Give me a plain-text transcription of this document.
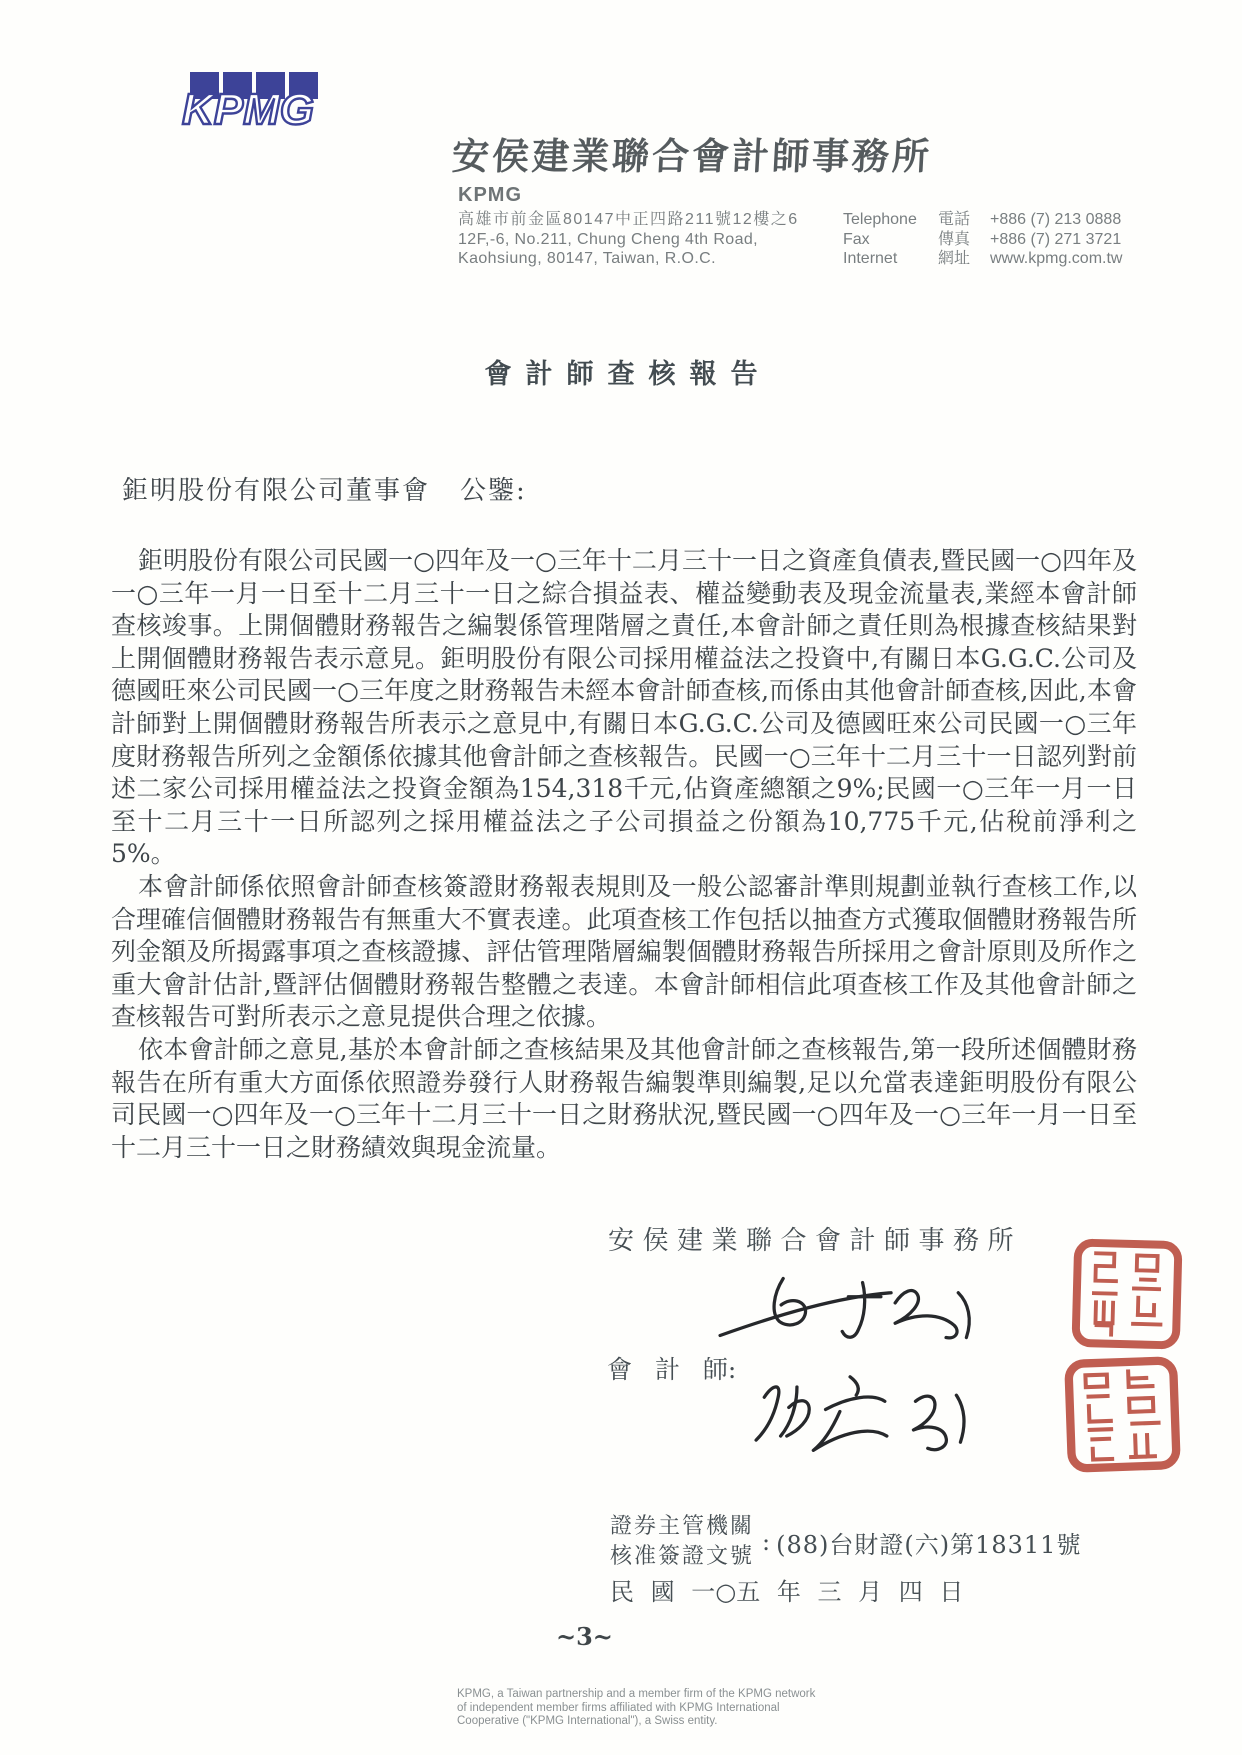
KPMG
安侯建業聯合會計師事務所
KPMG
高雄市前金區80147中正四路211號12樓之6
12F,-6, No.211, Chung Cheng 4th Road,
Kaohsiung, 80147, Taiwan, R.O.C.
Telephone	電話	+886 (7) 213 0888
Fax	傳真	+886 (7) 271 3721
Internet	網址	www.kpmg.com.tw
會計師查核報告
鉅明股份有限公司董事會 公鑒:

鉅明股份有限公司民國一○四年及一○三年十二月三十一日之資產負債表,暨民國一○四年及一○三年一月一日至十二月三十一日之綜合損益表、權益變動表及現金流量表,業經本會計師查核竣事。上開個體財務報告之編製係管理階層之責任,本會計師之責任則為根據查核結果對上開個體財務報告表示意見。鉅明股份有限公司採用權益法之投資中,有關日本G.G.C.公司及德國旺來公司民國一○三年度之財務報告未經本會計師查核,而係由其他會計師查核,因此,本會計師對上開個體財務報告所表示之意見中,有關日本G.G.C.公司及德國旺來公司民國一○三年度財務報告所列之金額係依據其他會計師之查核報告。民國一○三年十二月三十一日認列對前述二家公司採用權益法之投資金額為154,318千元,佔資產總額之9%;民國一○三年一月一日至十二月三十一日所認列之採用權益法之子公司損益之份額為10,775千元,佔稅前淨利之5%。

本會計師係依照會計師查核簽證財務報表規則及一般公認審計準則規劃並執行查核工作,以合理確信個體財務報告有無重大不實表達。此項查核工作包括以抽查方式獲取個體財務報告所列金額及所揭露事項之查核證據、評估管理階層編製個體財務報告所採用之會計原則及所作之重大會計估計,暨評估個體財務報告整體之表達。本會計師相信此項查核工作及其他會計師之查核報告可對所表示之意見提供合理之依據。

依本會計師之意見,基於本會計師之查核結果及其他會計師之查核報告,第一段所述個體財務報告在所有重大方面係依照證券發行人財務報告編製準則編製,足以允當表達鉅明股份有限公司民國一○四年及一○三年十二月三十一日之財務狀況,暨民國一○四年及一○三年一月一日至十二月三十一日之財務績效與現金流量。

安侯建業聯合會計師事務所
會 計 師:
證券主管機關
核准簽證文號
: (88)台財證(六)第18311號
民 國 一○五 年 三 月 四 日
~3~
KPMG, a Taiwan partnership and a member firm of the KPMG network
of independent member firms affiliated with KPMG International
Cooperative ("KPMG International"), a Swiss entity.
